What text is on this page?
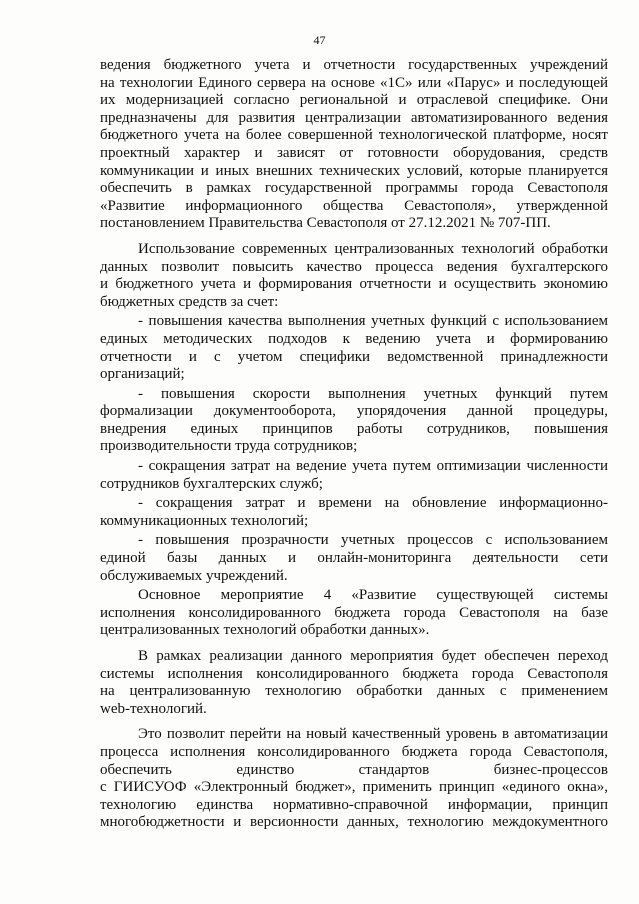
47

ведения бюджетного учета и отчетности государственных учреждений
на технологии Единого сервера на основе «1С» или «Парус» и последующей
их модернизацией согласно региональной и отраслевой специфике. Они
предназначены для развития централизации автоматизированного ведения
бюджетного учета на более совершенной технологической платформе, носят
проектный характер и зависят от готовности оборудования, средств
коммуникации и иных внешних технических условий, которые планируется
обеспечить в рамках государственной программы города Севастополя
«Развитие информационного общества Севастополя», утвержденной
постановлением Правительства Севастополя от 27.12.2021 № 707-ПП.

Использование современных централизованных технологий обработки
данных позволит повысить качество процесса ведения бухгалтерского
и бюджетного учета и формирования отчетности и осуществить экономию
бюджетных средств за счет:

- повышения качества выполнения учетных функций с использованием
единых методических подходов к ведению учета и формированию
отчетности и с учетом специфики ведомственной принадлежности
организаций;

- повышения скорости выполнения учетных функций путем
формализации документооборота, упорядочения данной процедуры,
внедрения единых принципов работы сотрудников, повышения
производительности труда сотрудников;

- сокращения затрат на ведение учета путем оптимизации численности
сотрудников бухгалтерских служб;

- сокращения затрат и времени на обновление информационно-
коммуникационных технологий;

- повышения прозрачности учетных процессов с использованием
единой базы данных и онлайн-мониторинга деятельности сети
обслуживаемых учреждений.

Основное мероприятие 4 «Развитие существующей системы
исполнения консолидированного бюджета города Севастополя на базе
централизованных технологий обработки данных».

В рамках реализации данного мероприятия будет обеспечен переход
системы исполнения консолидированного бюджета города Севастополя
на централизованную технологию обработки данных с применением
web-технологий.

Это позволит перейти на новый качественный уровень в автоматизации
процесса исполнения консолидированного бюджета города Севастополя,
обеспечить единство стандартов бизнес-процессов
с ГИИСУОФ «Электронный бюджет», применить принцип «единого окна»,
технологию единства нормативно-справочной информации, принцип
многобюджетности и версионности данных, технологию междокументного
